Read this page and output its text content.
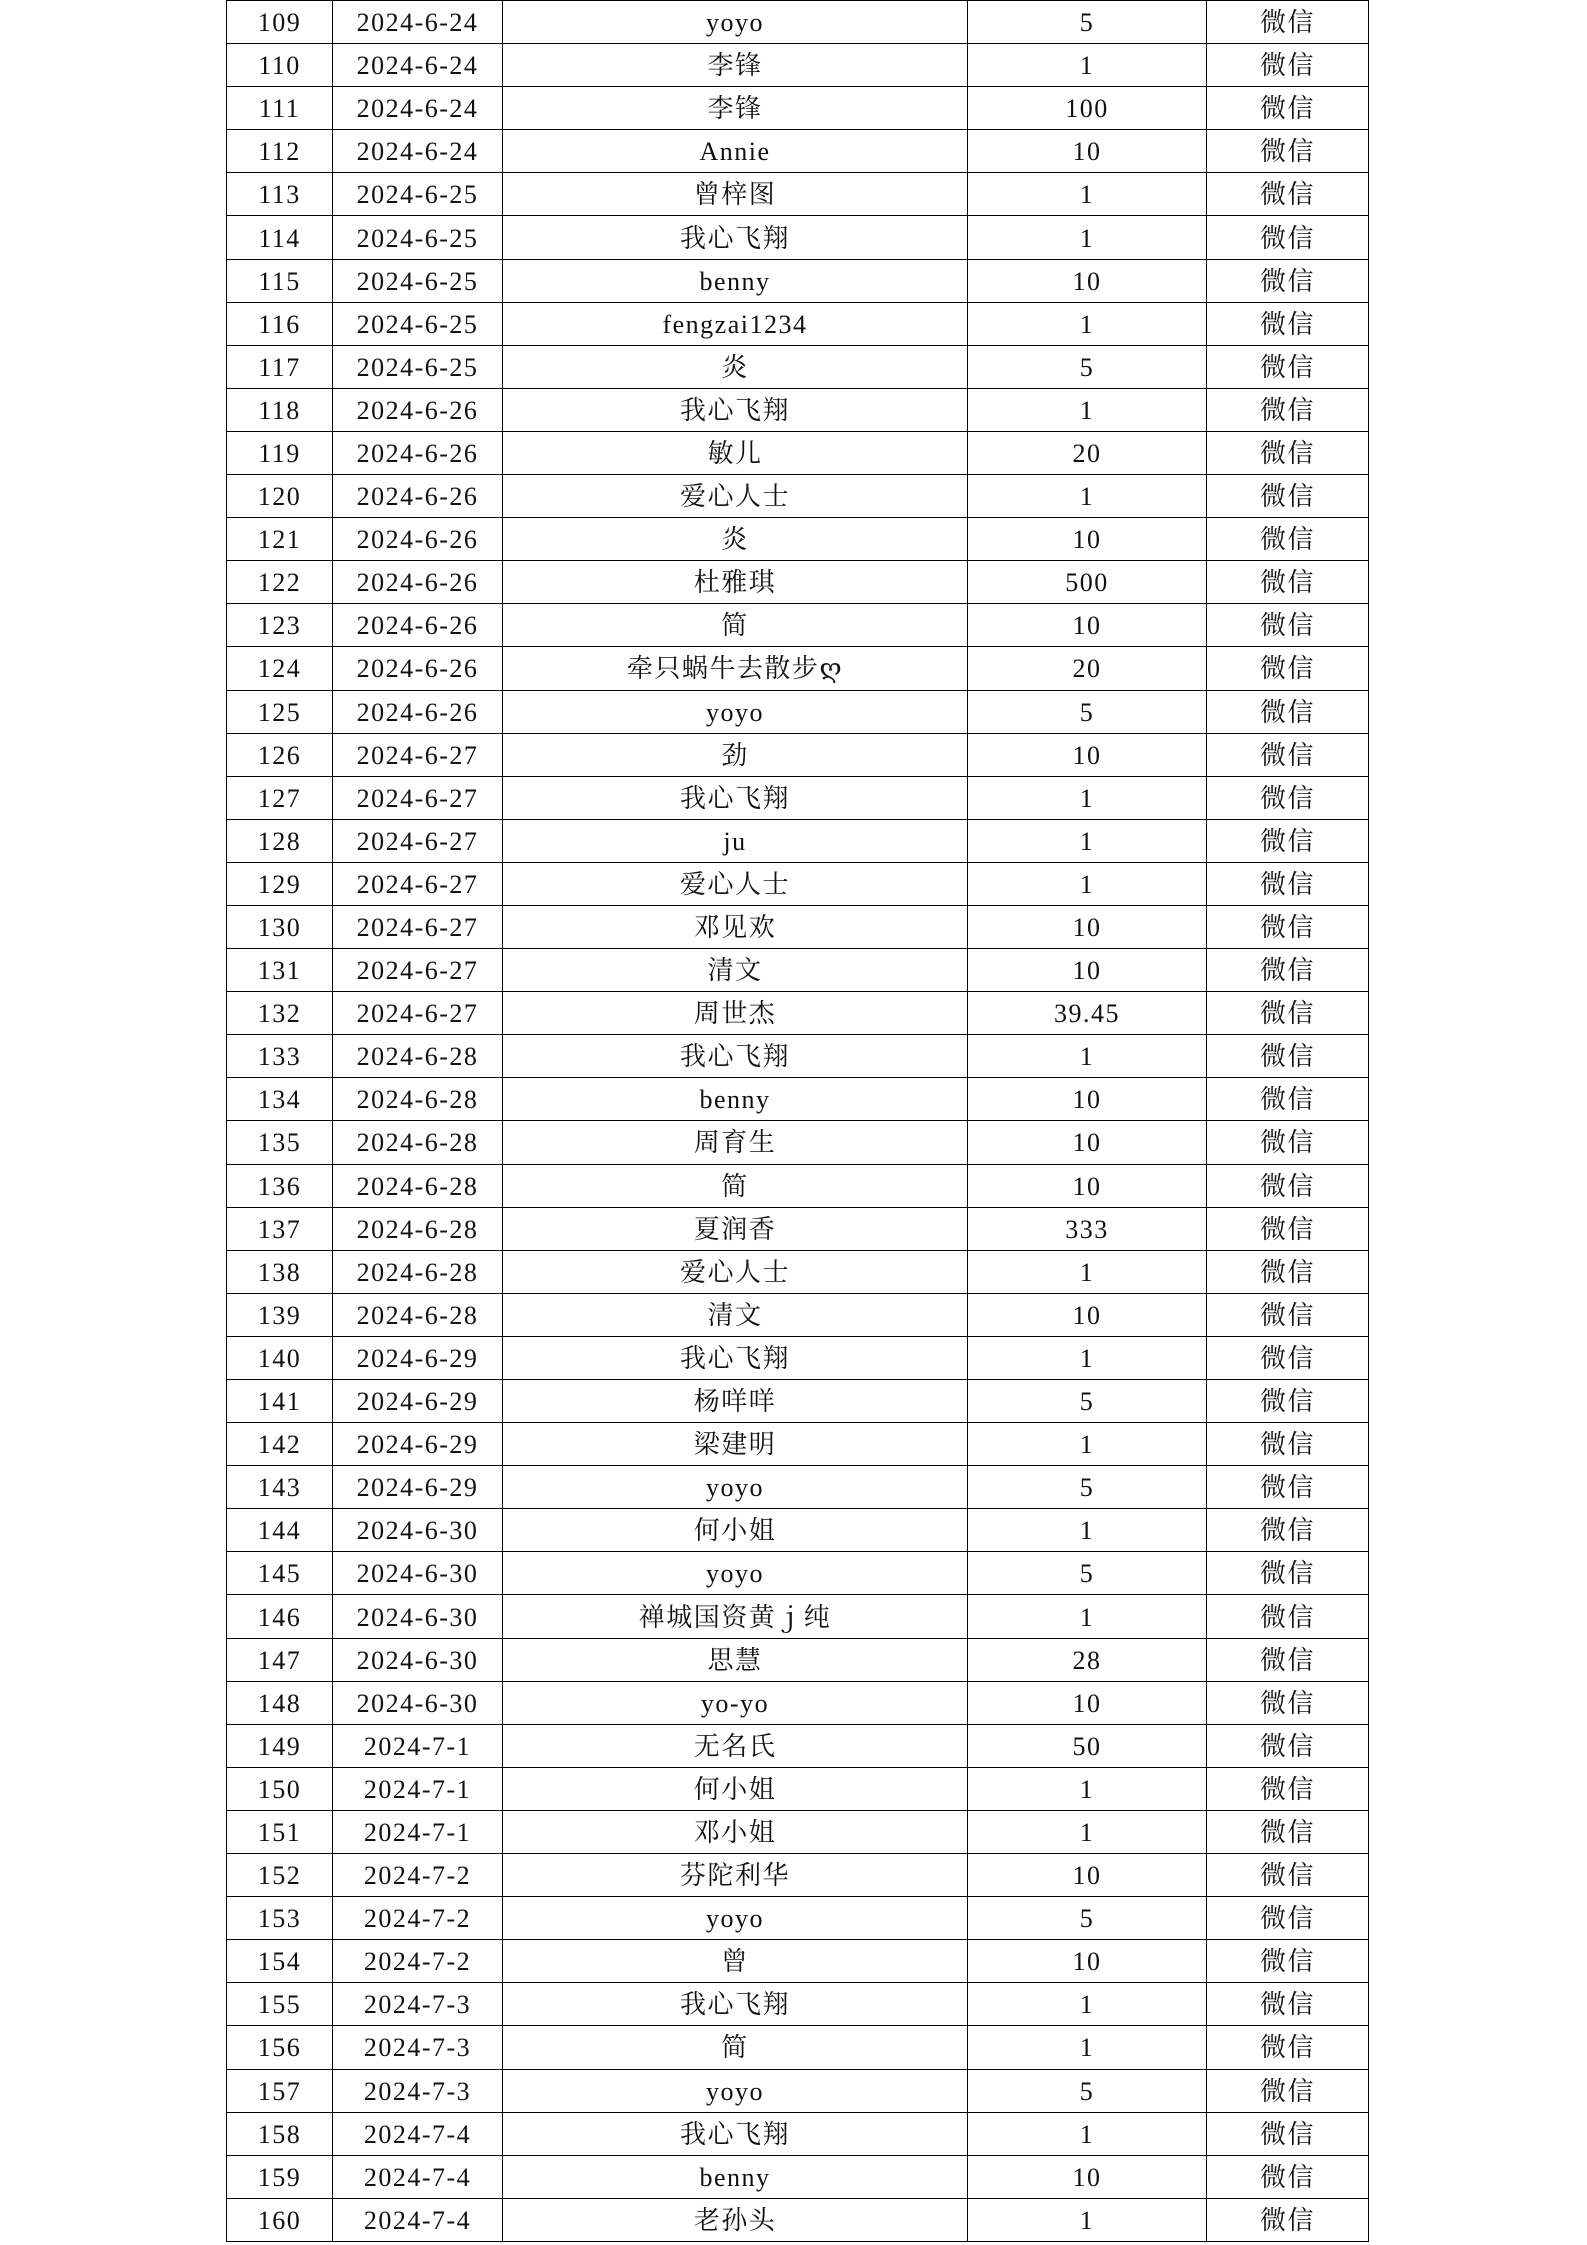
109	2024-6-24	yoyo	5	微信
110	2024-6-24	李锋	1	微信
111	2024-6-24	李锋	100	微信
112	2024-6-24	Annie	10	微信
113	2024-6-25	曾梓图	1	微信
114	2024-6-25	我心飞翔	1	微信
115	2024-6-25	benny	10	微信
116	2024-6-25	fengzai1234	1	微信
117	2024-6-25	炎	5	微信
118	2024-6-26	我心飞翔	1	微信
119	2024-6-26	敏儿	20	微信
120	2024-6-26	爱心人士	1	微信
121	2024-6-26	炎	10	微信
122	2024-6-26	杜雅琪	500	微信
123	2024-6-26	简	10	微信
124	2024-6-26	牵只蜗牛去散步ღ	20	微信
125	2024-6-26	yoyo	5	微信
126	2024-6-27	劲	10	微信
127	2024-6-27	我心飞翔	1	微信
128	2024-6-27	ju	1	微信
129	2024-6-27	爱心人士	1	微信
130	2024-6-27	邓见欢	10	微信
131	2024-6-27	清文	10	微信
132	2024-6-27	周世杰	39.45	微信
133	2024-6-28	我心飞翔	1	微信
134	2024-6-28	benny	10	微信
135	2024-6-28	周育生	10	微信
136	2024-6-28	简	10	微信
137	2024-6-28	夏润香	333	微信
138	2024-6-28	爱心人士	1	微信
139	2024-6-28	清文	10	微信
140	2024-6-29	我心飞翔	1	微信
141	2024-6-29	杨咩咩	5	微信
142	2024-6-29	梁建明	1	微信
143	2024-6-29	yoyo	5	微信
144	2024-6-30	何小姐	1	微信
145	2024-6-30	yoyo	5	微信
146	2024-6-30	禅城国资黄ｊ纯	1	微信
147	2024-6-30	思慧	28	微信
148	2024-6-30	yo-yo	10	微信
149	2024-7-1	无名氏	50	微信
150	2024-7-1	何小姐	1	微信
151	2024-7-1	邓小姐	1	微信
152	2024-7-2	芬陀利华	10	微信
153	2024-7-2	yoyo	5	微信
154	2024-7-2	曾	10	微信
155	2024-7-3	我心飞翔	1	微信
156	2024-7-3	简	1	微信
157	2024-7-3	yoyo	5	微信
158	2024-7-4	我心飞翔	1	微信
159	2024-7-4	benny	10	微信
160	2024-7-4	老孙头	1	微信
